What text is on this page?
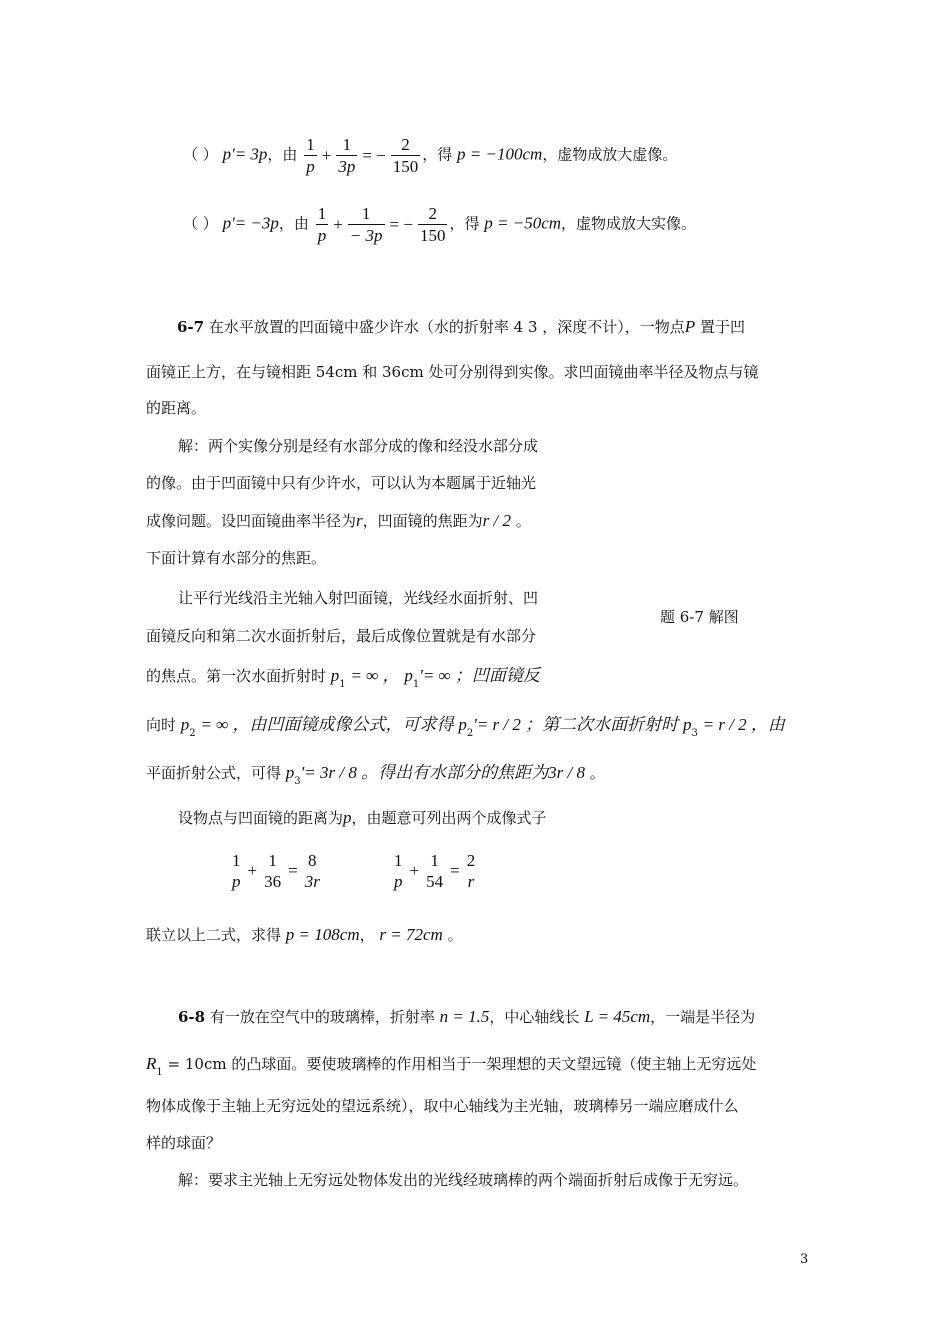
（ ） p'= 3p，由 $\frac{1}{p} + \frac{1}{3p}$ = − $\frac{2}{150}$ ，得 p = −100cm，虚物成放大虚像。
（ ） p'= −3p，由 $\frac{1}{p} + \frac{1}{- 3p}$ = − $\frac{2}{150}$ ，得 p = −50cm，虚物成放大实像。
6-7 在水平放置的凹面镜中盛少许水（水的折射率 4 3 ，深度不计），一物点P 置于凹
面镜正上方，在与镜相距 54cm 和 36cm 处可分别得到实像。求凹面镜曲率半径及物点与镜
的距离。
解：两个实像分别是经有水部分成的像和经没水部分成
的像。由于凹面镜中只有少许水，可以认为本题属于近轴光
成像问题。设凹面镜曲率半径为r，凹面镜的焦距为r / 2 。
下面计算有水部分的焦距。
让平行光线沿主光轴入射凹面镜，光线经水面折射、凹
面镜反向和第二次水面折射后，最后成像位置就是有水部分
的焦点。第一次水面折射时 $p_1$ = ∞ ， $p_1'=$ ∞ ；凹面镜反
向时 $p_2$ = ∞ ，由凹面镜成像公式，可求得 $p_2'= r / 2$ ；第二次水面折射时 $p_3 = r / 2$ ，由
平面折射公式，可得 $p_3'= 3r / 8$ 。得出有水部分的焦距为3r / 8 。
设物点与凹面镜的距离为p，由题意可列出两个成像式子
1
p
+
1
36
=
8
3r
1
p
+
1
54
=
2
r
联立以上二式，求得 p = 108cm， r = 72cm 。
题 6-7 解图
6-8 有一放在空气中的玻璃棒，折射率 n = 1.5，中心轴线长 L = 45cm，一端是半径为
$R_1 = 10cm$ 的凸球面。要使玻璃棒的作用相当于一架理想的天文望远镜（使主轴上无穷远处
物体成像于主轴上无穷远处的望远系统），取中心轴线为主光轴，玻璃棒另一端应磨成什么
样的球面？
解：要求主光轴上无穷远处物体发出的光线经玻璃棒的两个端面折射后成像于无穷远。
3
